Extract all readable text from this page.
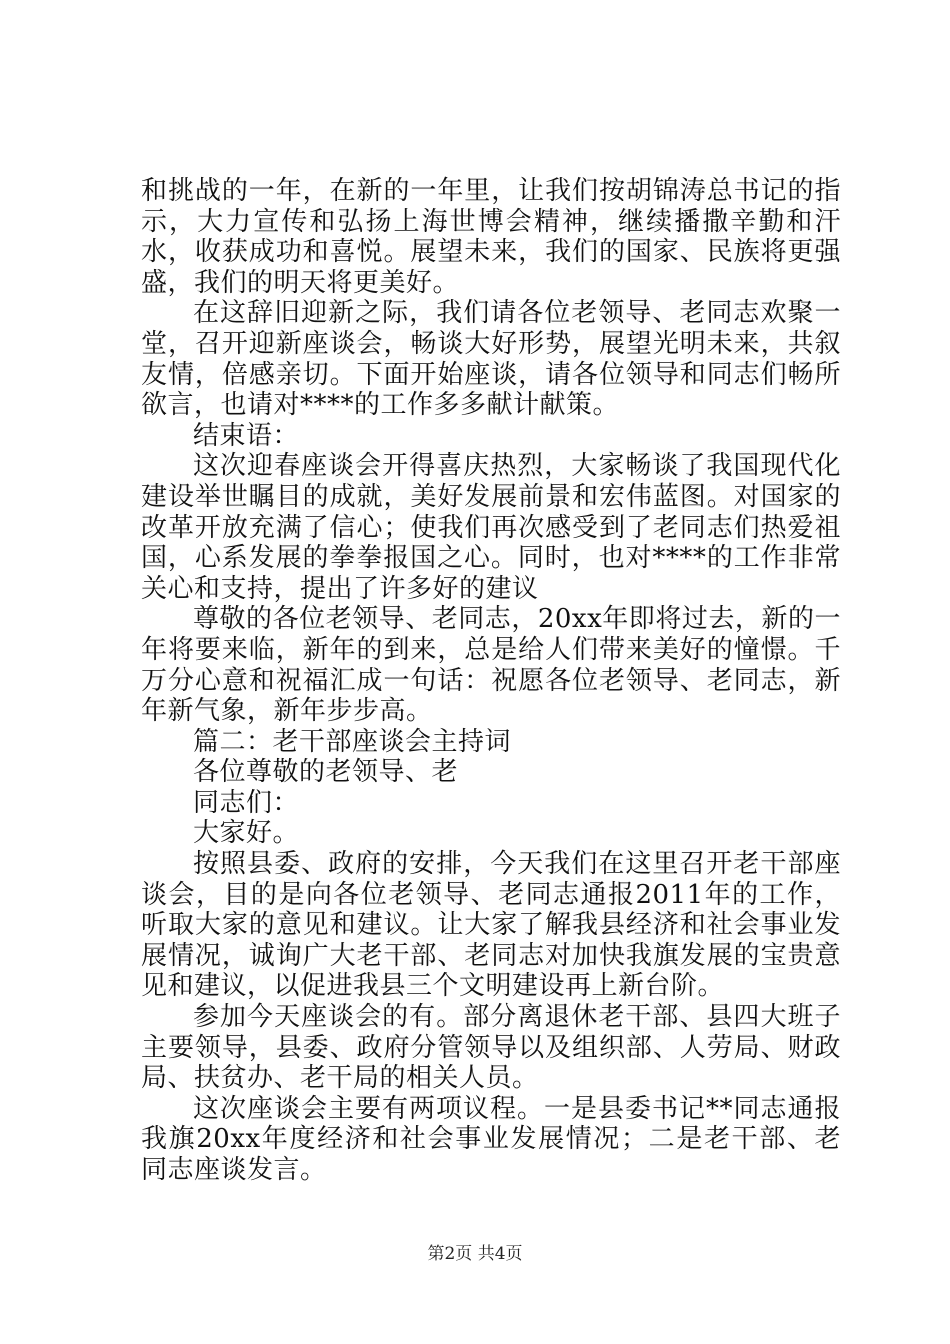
和挑战的一年，在新的一年里，让我们按胡锦涛总书记的指示，大力宣传和弘扬上海世博会精神，继续播撒辛勤和汗水，收获成功和喜悦。展望未来，我们的国家、民族将更强盛，我们的明天将更美好。

在这辞旧迎新之际，我们请各位老领导、老同志欢聚一堂，召开迎新座谈会，畅谈大好形势，展望光明未来，共叙友情，倍感亲切。下面开始座谈，请各位领导和同志们畅所欲言，也请对****的工作多多献计献策。

结束语：

这次迎春座谈会开得喜庆热烈，大家畅谈了我国现代化建设举世瞩目的成就，美好发展前景和宏伟蓝图。对国家的改革开放充满了信心；使我们再次感受到了老同志们热爱祖国，心系发展的拳拳报国之心。同时，也对****的工作非常关心和支持，提出了许多好的建议

尊敬的各位老领导、老同志，20xx年即将过去，新的一年将要来临，新年的到来，总是给人们带来美好的憧憬。千万分心意和祝福汇成一句话：祝愿各位老领导、老同志，新年新气象，新年步步高。

篇二：老干部座谈会主持词

各位尊敬的老领导、老

同志们：

大家好。

按照县委、政府的安排，今天我们在这里召开老干部座谈会，目的是向各位老领导、老同志通报2011年的工作，听取大家的意见和建议。让大家了解我县经济和社会事业发展情况，诚询广大老干部、老同志对加快我旗发展的宝贵意见和建议，以促进我县三个文明建设再上新台阶。

参加今天座谈会的有。部分离退休老干部、县四大班子主要领导，县委、政府分管领导以及组织部、人劳局、财政局、扶贫办、老干局的相关人员。

这次座谈会主要有两项议程。一是县委书记**同志通报我旗20xx年度经济和社会事业发展情况；二是老干部、老同志座谈发言。

第2页 共4页
